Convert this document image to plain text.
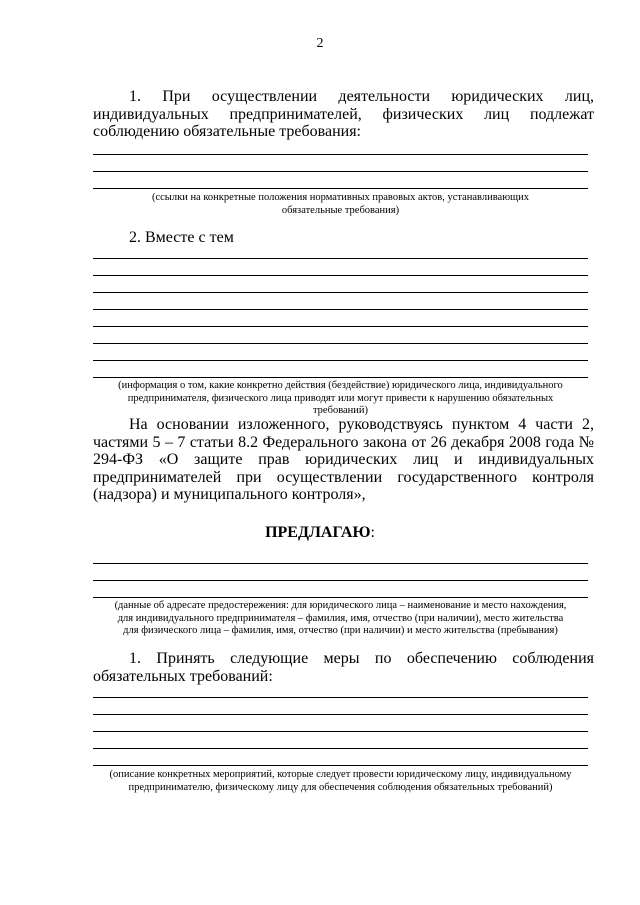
2
1. При осуществлении деятельности юридических лиц, индивидуальных предпринимателей, физических лиц подлежат соблюдению обязательные требования:
(ссылки на конкретные положения нормативных правовых актов, устанавливающих обязательные требования)
2. Вместе с тем
(информация о том, какие конкретно действия (бездействие) юридического лица, индивидуального предпринимателя, физического лица приводят или могут привести к нарушению обязательных требований)
На основании изложенного, руководствуясь пунктом 4 части 2, частями 5 – 7 статьи 8.2 Федерального закона от 26 декабря 2008 года № 294-ФЗ «О защите прав юридических лиц и индивидуальных предпринимателей при осуществлении государственного контроля (надзора) и муниципального контроля»,
ПРЕДЛАГАЮ:
(данные об адресате предостережения: для юридического лица – наименование и место нахождения,
для индивидуального предпринимателя – фамилия, имя, отчество (при наличии), место жительства
для физического лица – фамилия, имя, отчество (при наличии) и место жительства (пребывания)
1. Принять следующие меры по обеспечению соблюдения обязательных требований:
(описание конкретных мероприятий, которые следует провести юридическому лицу, индивидуальному предпринимателю, физическому лицу для обеспечения соблюдения обязательных требований)
